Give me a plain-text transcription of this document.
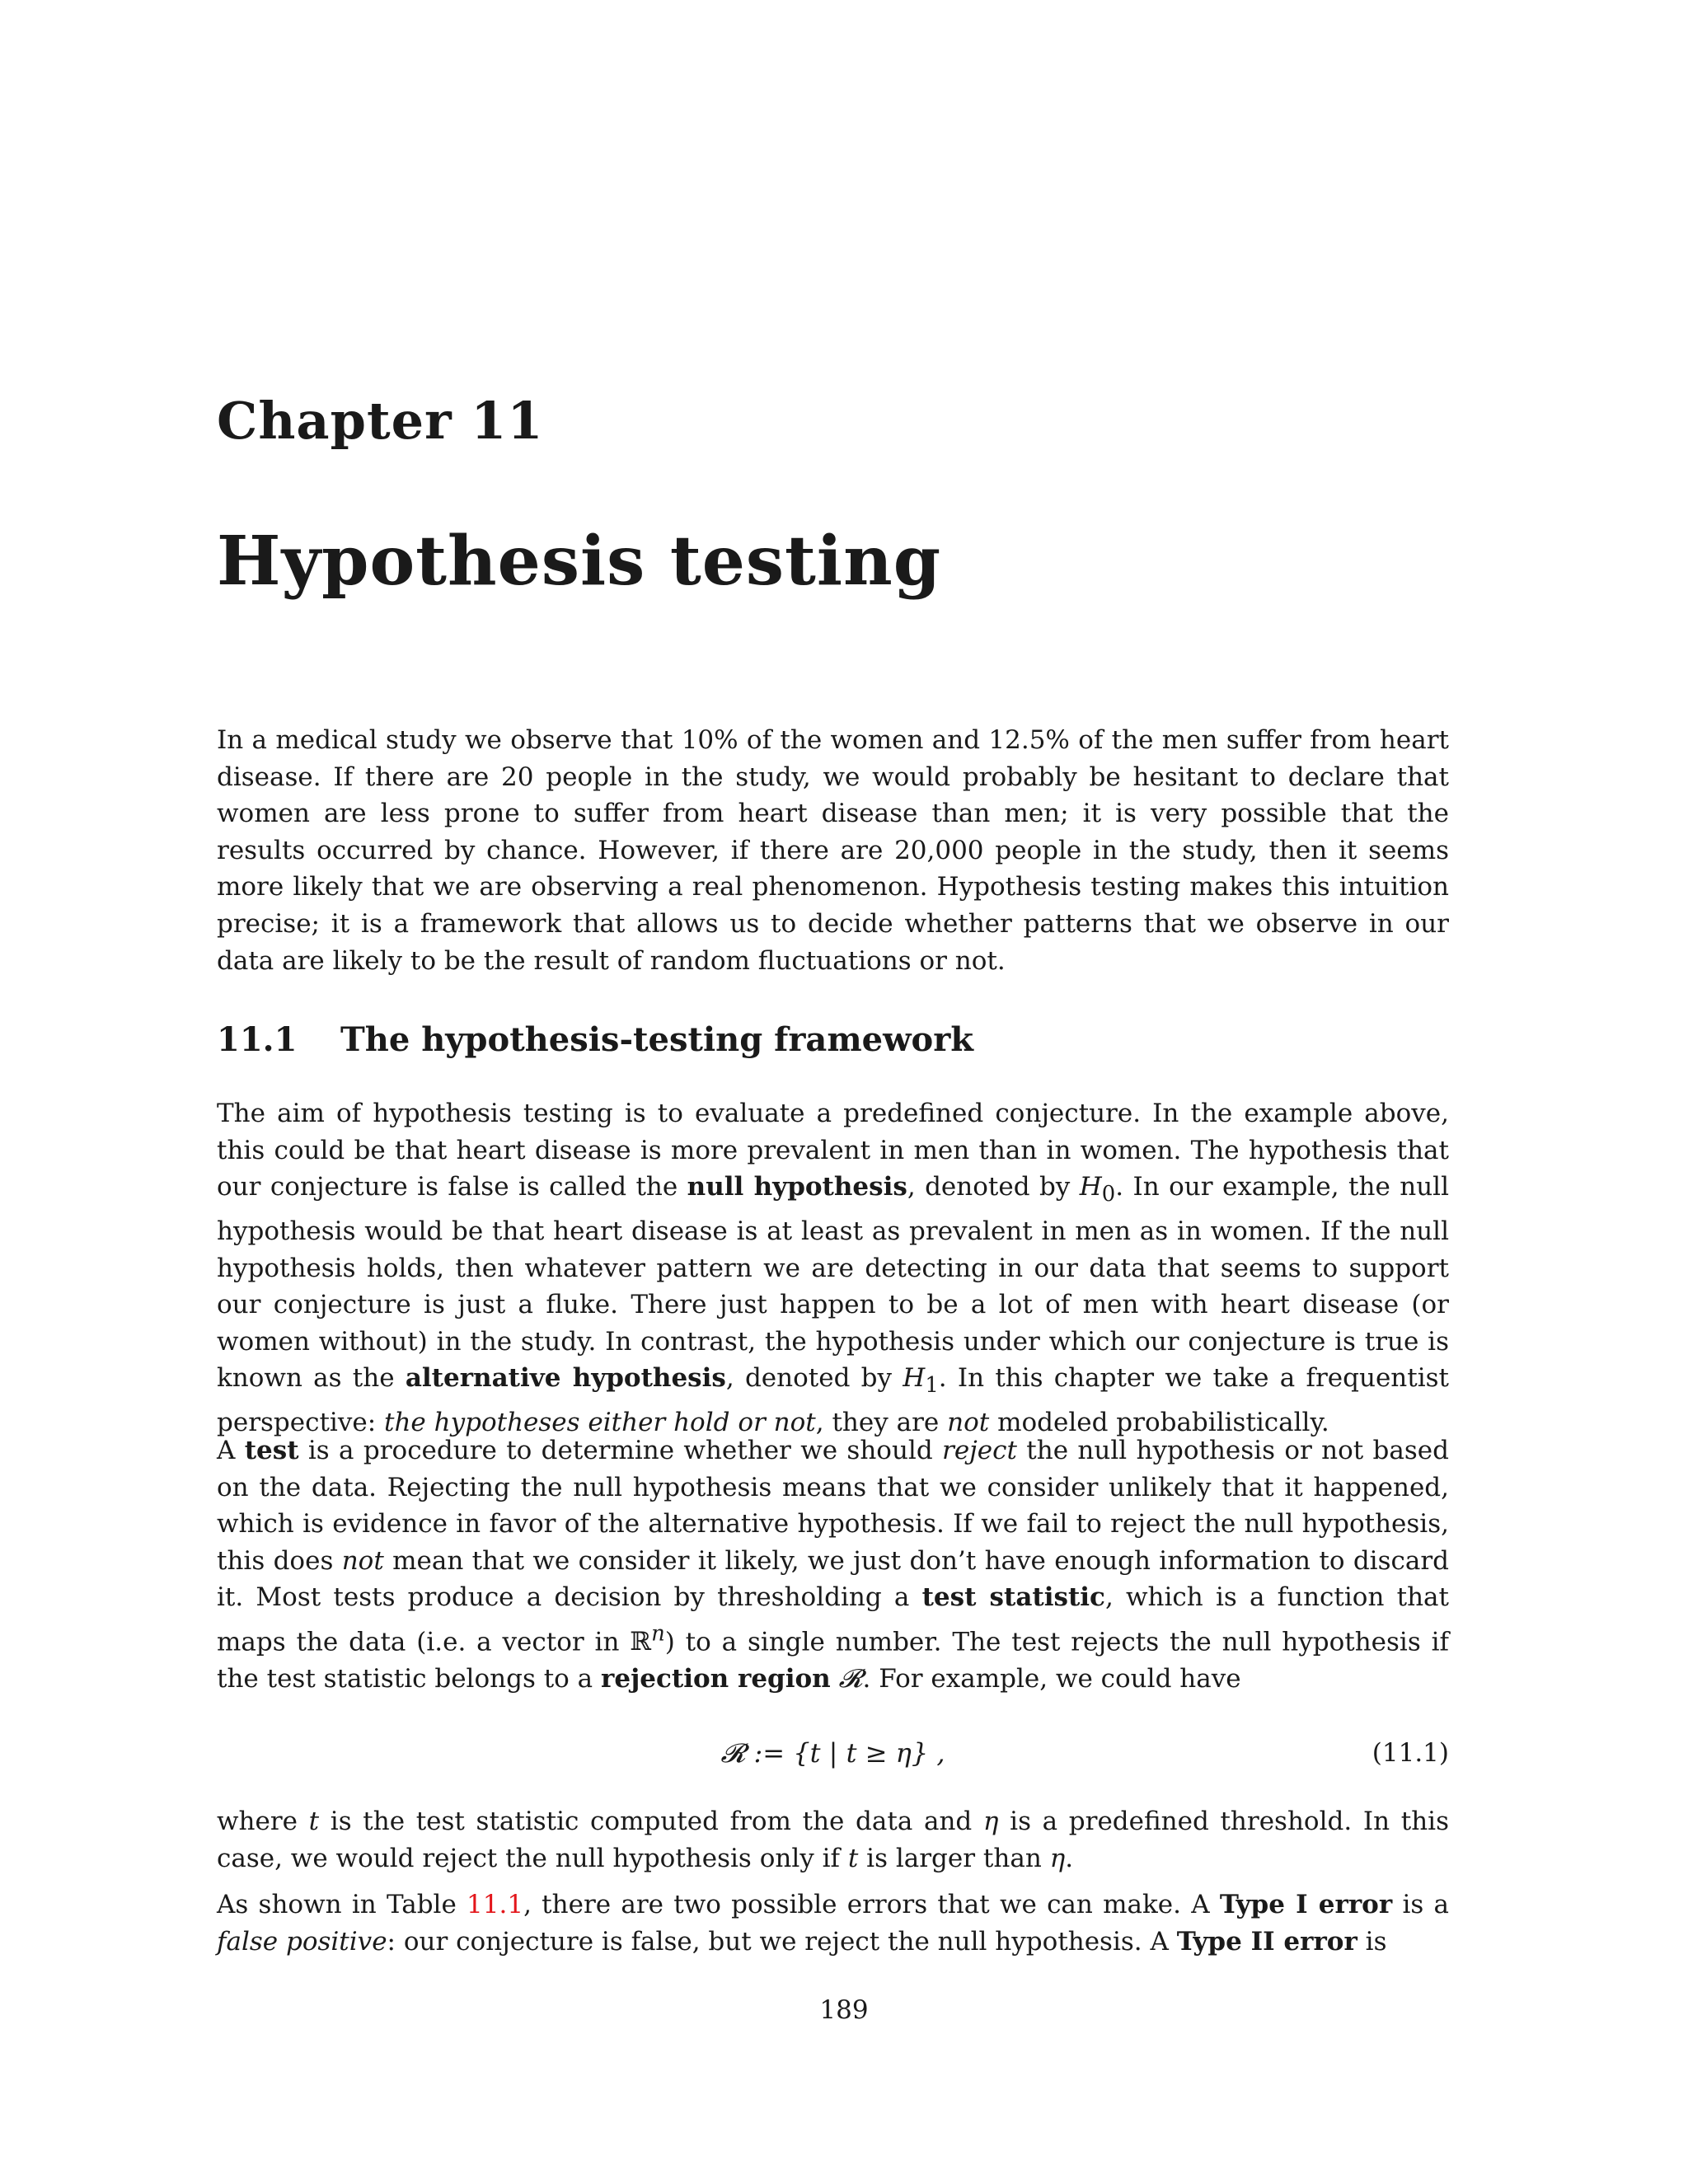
Chapter 11
Hypothesis testing

In a medical study we observe that 10% of the women and 12.5% of the men suffer from heart disease. If there are 20 people in the study, we would probably be hesitant to declare that women are less prone to suffer from heart disease than men; it is very possible that the results occurred by chance. However, if there are 20,000 people in the study, then it seems more likely that we are observing a real phenomenon. Hypothesis testing makes this intuition precise; it is a framework that allows us to decide whether patterns that we observe in our data are likely to be the result of random fluctuations or not.

11.1 The hypothesis-testing framework

The aim of hypothesis testing is to evaluate a predefined conjecture. In the example above, this could be that heart disease is more prevalent in men than in women. The hypothesis that our conjecture is false is called the null hypothesis, denoted by $H_0$. In our example, the null hypothesis would be that heart disease is at least as prevalent in men as in women. If the null hypothesis holds, then whatever pattern we are detecting in our data that seems to support our conjecture is just a fluke. There just happen to be a lot of men with heart disease (or women without) in the study. In contrast, the hypothesis under which our conjecture is true is known as the alternative hypothesis, denoted by $H_1$. In this chapter we take a frequentist perspective: the hypotheses either hold or not, they are not modeled probabilistically.

A test is a procedure to determine whether we should reject the null hypothesis or not based on the data. Rejecting the null hypothesis means that we consider unlikely that it happened, which is evidence in favor of the alternative hypothesis. If we fail to reject the null hypothesis, this does not mean that we consider it likely, we just don’t have enough information to discard it. Most tests produce a decision by thresholding a test statistic, which is a function that maps the data (i.e. a vector in ℝ$^n$) to a single number. The test rejects the null hypothesis if the test statistic belongs to a rejection region 𝓡. For example, we could have

𝓡 := {t | t ≥ η} ,	(11.1)

where t is the test statistic computed from the data and η is a predefined threshold. In this case, we would reject the null hypothesis only if t is larger than η.

As shown in Table 11.1, there are two possible errors that we can make. A Type I error is a false positive: our conjecture is false, but we reject the null hypothesis. A Type II error is

189
